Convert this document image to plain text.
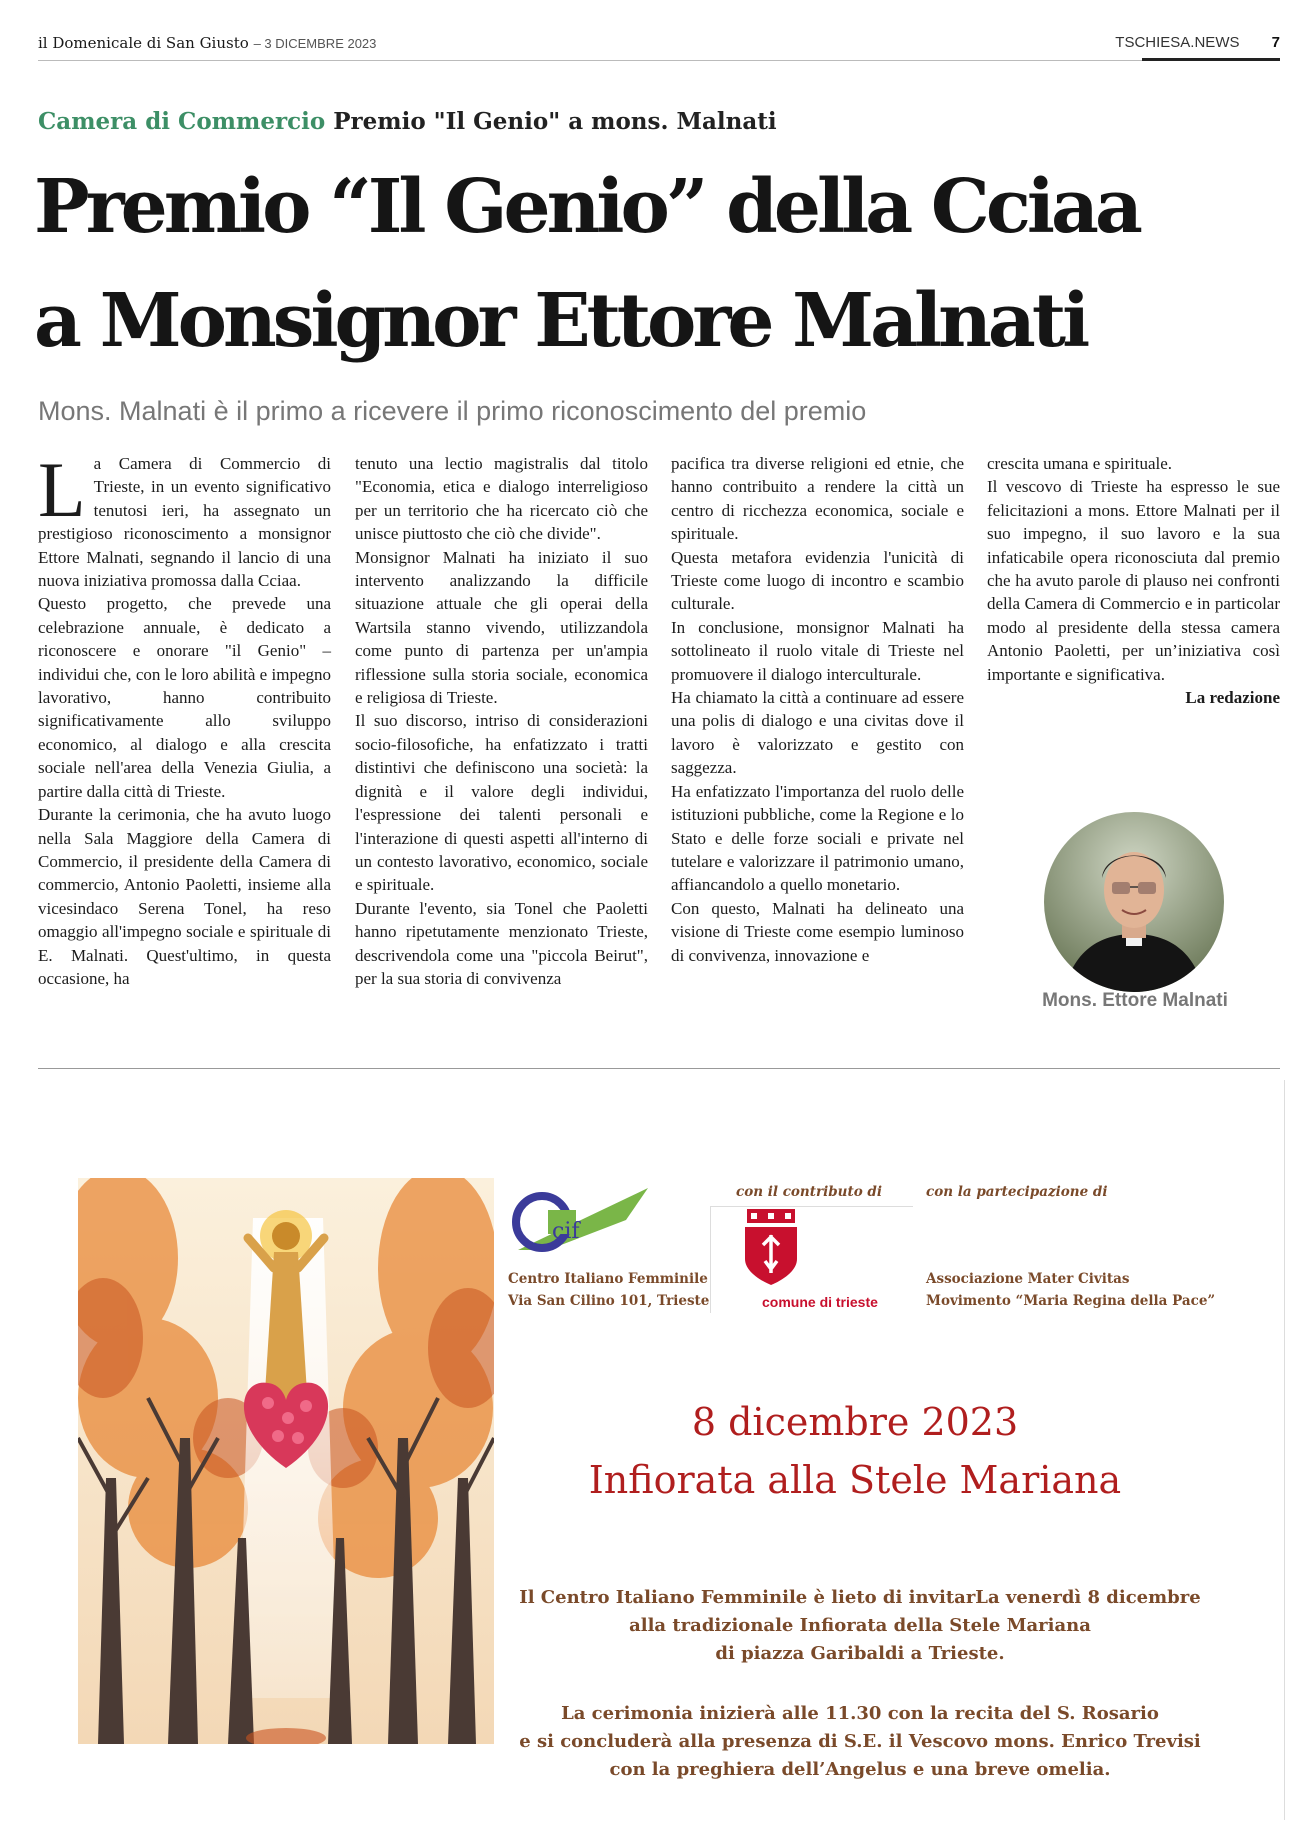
il Domenicale di San Giusto – 3 DICEMBRE 2023	TSCHIESA.NEWS 7
Camera di Commercio Premio "Il Genio" a mons. Malnati
Premio “Il Genio” della Cciaa
a Monsignor Ettore Malnati
Mons. Malnati è il primo a ricevere il primo riconoscimento del premio

La Camera di Commercio di Trieste, in un evento significativo tenutosi ieri, ha assegnato un prestigioso riconoscimento a monsignor Ettore Malnati, segnando il lancio di una nuova iniziativa promossa dalla Cciaa.

Questo progetto, che prevede una celebrazione annuale, è dedicato a riconoscere e onorare "il Genio" – individui che, con le loro abilità e impegno lavorativo, hanno contribuito significativamente allo sviluppo economico, al dialogo e alla crescita sociale nell'area della Venezia Giulia, a partire dalla città di Trieste.

Durante la cerimonia, che ha avuto luogo nella Sala Maggiore della Camera di Commercio, il presidente della Camera di commercio, Antonio Paoletti, insieme alla vicesindaco Serena Tonel, ha reso omaggio all'impegno sociale e spirituale di E. Malnati. Quest'ultimo, in questa occasione, ha

tenuto una lectio magistralis dal titolo "Economia, etica e dialogo interreligioso per un territorio che ha ricercato ciò che unisce piuttosto che ciò che divide".

Monsignor Malnati ha iniziato il suo intervento analizzando la difficile situazione attuale che gli operai della Wartsila stanno vivendo, utilizzandola come punto di partenza per un'ampia riflessione sulla storia sociale, economica e religiosa di Trieste.

Il suo discorso, intriso di considerazioni socio-filosofiche, ha enfatizzato i tratti distintivi che definiscono una società: la dignità e il valore degli individui, l'espressione dei talenti personali e l'interazione di questi aspetti all'interno di un contesto lavorativo, economico, sociale e spirituale.

Durante l'evento, sia Tonel che Paoletti hanno ripetutamente menzionato Trieste, descrivendola come una "piccola Beirut", per la sua storia di convivenza

pacifica tra diverse religioni ed etnie, che hanno contribuito a rendere la città un centro di ricchezza economica, sociale e spirituale.

Questa metafora evidenzia l'unicità di Trieste come luogo di incontro e scambio culturale.

In conclusione, monsignor Malnati ha sottolineato il ruolo vitale di Trieste nel promuovere il dialogo interculturale.

Ha chiamato la città a continuare ad essere una polis di dialogo e una civitas dove il lavoro è valorizzato e gestito con saggezza.

Ha enfatizzato l'importanza del ruolo delle istituzioni pubbliche, come la Regione e lo Stato e delle forze sociali e private nel tutelare e valorizzare il patrimonio umano, affiancandolo a quello monetario.

Con questo, Malnati ha delineato una visione di Trieste come esempio luminoso di convivenza, innovazione e

crescita umana e spirituale.

Il vescovo di Trieste ha espresso le sue felicitazioni a mons. Ettore Malnati per il suo impegno, il suo lavoro e la sua infaticabile opera riconosciuta dal premio che ha avuto parole di plauso nei confronti della Camera di Commercio e in particolar modo al presidente della stessa camera Antonio Paoletti, per un’iniziativa così importante e significativa.

La redazione

Mons. Ettore Malnati
cif
Centro Italiano Femminile
Via San Cilino 101, Trieste
con il contributo di
comune di trieste
con la partecipazione di
Associazione Mater Civitas
Movimento “Maria Regina della Pace”
8 dicembre 2023
Infiorata alla Stele Mariana
Il Centro Italiano Femminile è lieto di invitarLa venerdì 8 dicembre
alla tradizionale Infiorata della Stele Mariana
di piazza Garibaldi a Trieste.
La cerimonia inizierà alle 11.30 con la recita del S. Rosario
e si concluderà alla presenza di S.E. il Vescovo mons. Enrico Trevisi
con la preghiera dell’Angelus e una breve omelia.
